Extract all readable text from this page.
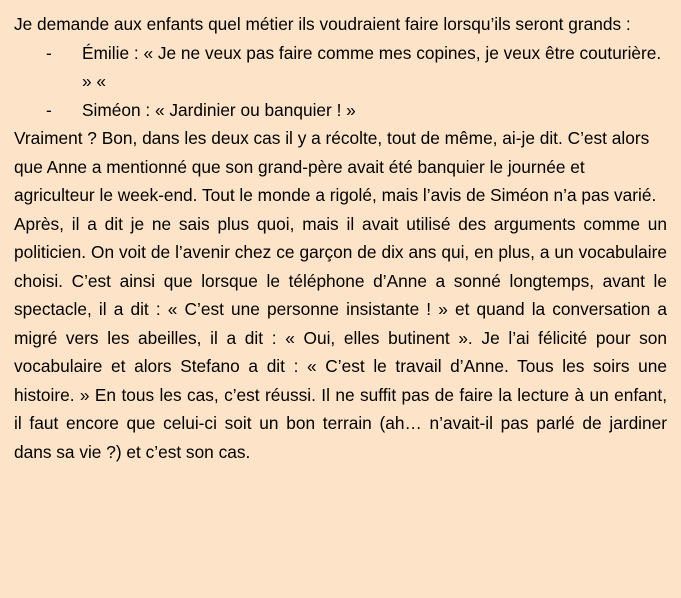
Je demande aux enfants quel métier ils voudraient faire lorsqu’ils seront grands :

-	Émilie : « Je ne veux pas faire comme mes copines, je veux être couturière. » «
-	Siméon : « Jardinier ou banquier ! »

Vraiment ? Bon, dans les deux cas il y a récolte, tout de même, ai-je dit. C’est alors que Anne a mentionné que son grand-père avait été banquier le journée et agriculteur le week-end. Tout le monde a rigolé, mais l’avis de Siméon n’a pas varié.

Après, il a dit je ne sais plus quoi, mais il avait utilisé des arguments comme un politicien. On voit de l’avenir chez ce garçon de dix ans qui, en plus, a un vocabulaire choisi. C’est ainsi que lorsque le téléphone d’Anne a sonné longtemps, avant le spectacle, il a dit : « C’est une personne insistante ! » et quand la conversation a migré vers les abeilles, il a dit : « Oui, elles butinent ». Je l’ai félicité pour son vocabulaire et alors Stefano a dit : « C’est le travail d’Anne. Tous les soirs une histoire. » En tous les cas, c’est réussi. Il ne suffit pas de faire la lecture à un enfant, il faut encore que celui-ci soit un bon terrain (ah… n’avait-il pas parlé de jardiner dans sa vie ?) et c’est son cas.
